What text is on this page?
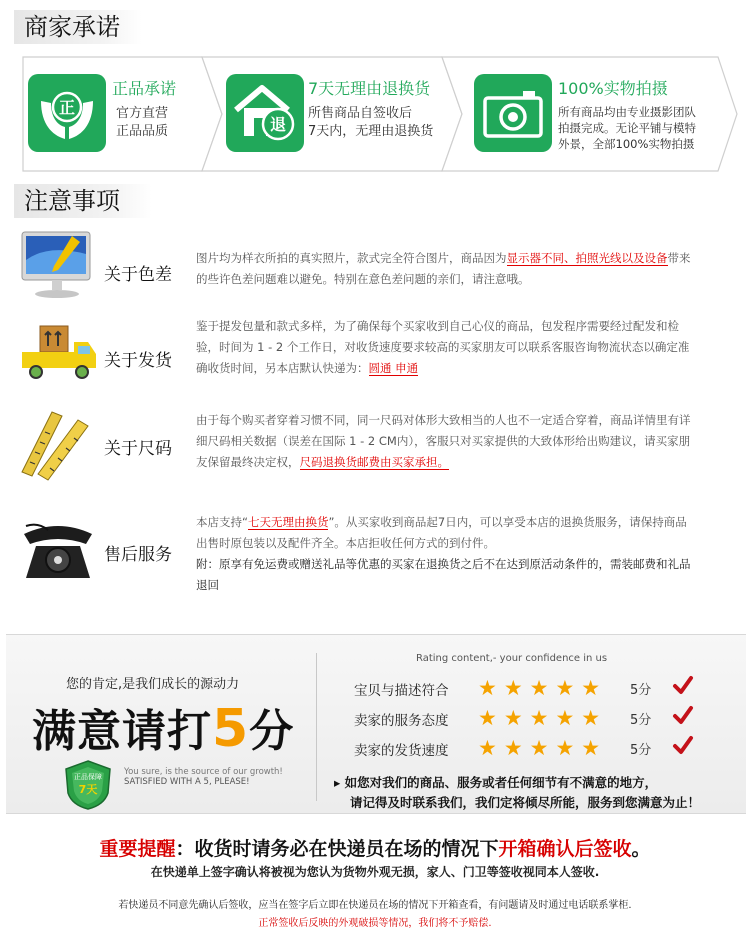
商家承诺
正
正品承诺
官方直营
正品品质	退
7天无理由退换货
所售商品自签收后
7天内，无理由退换货
100%实物拍摄
所有商品均由专业摄影团队
拍摄完成。无论平铺与模特
外景，全部100%实物拍摄
注意事项
关于色差
图片均为样衣所拍的真实照片，款式完全符合图片，商品因为显示器不同、拍照光线以及设备带来的些许色差问题难以避免。特别在意色差问题的亲们，请注意哦。
关于发货
鉴于提发包量和款式多样，为了确保每个买家收到自己心仪的商品，包发程序需要经过配发和检验，时间为 1 - 2 个工作日，对收货速度要求较高的买家朋友可以联系客服咨询物流状态以确定准确收货时间，另本店默认快递为：圆通 申通
关于尺码
由于每个购买者穿着习惯不同，同一尺码对体形大致相当的人也不一定适合穿着，商品详情里有详细尺码相关数据（误差在国际 1 - 2 CM内），客服只对买家提供的大致体形给出购建议，请买家朋友保留最终决定权，尺码退换货邮费由买家承担。
售后服务
本店支持“七天无理由换货”。从买家收到商品起7日内，可以享受本店的退换货服务，请保持商品出售时原包装以及配件齐全。本店拒收任何方式的到付件。
附：原享有免运费或赠送礼品等优惠的买家在退换货之后不在达到原活动条件的，需装邮费和礼品退回
您的肯定,是我们成长的源动力
满意请打5分
正品保障
7天
You sure, is the source of our growth!
SATISFIED WITH A 5, PLEASE!
Rating content,- your confidence in us
宝贝与描述符合 ★★★★★ 5分
卖家的服务态度 ★★★★★ 5分
卖家的发货速度 ★★★★★ 5分
▸ 如您对我们的商品、服务或者任何细节有不满意的地方，
请记得及时联系我们，我们定将倾尽所能，服务到您满意为止！
重要提醒：收货时请务必在快递员在场的情况下开箱确认后签收。
在快递单上签字确认将被视为您认为货物外观无损，家人、门卫等签收视同本人签收.
若快递员不同意先确认后签收，应当在签字后立即在快递员在场的情况下开箱查看，有问题请及时通过电话联系掌柜.
正常签收后反映的外观破损等情况，我们将不予赔偿.
